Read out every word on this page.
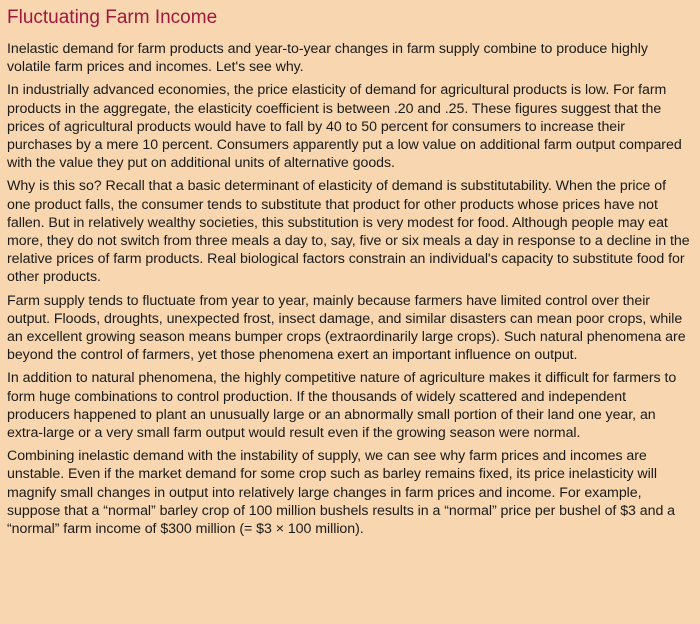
Fluctuating Farm Income

Inelastic demand for farm products and year-to-year changes in farm supply combine to produce highly volatile farm prices and incomes. Let's see why.

In industrially advanced economies, the price elasticity of demand for agricultural products is low. For farm products in the aggregate, the elasticity coefficient is between .20 and .25. These figures suggest that the prices of agricultural products would have to fall by 40 to 50 percent for consumers to increase their purchases by a mere 10 percent. Consumers apparently put a low value on additional farm output compared with the value they put on additional units of alternative goods.

Why is this so? Recall that a basic determinant of elasticity of demand is substitutability. When the price of one product falls, the consumer tends to substitute that product for other products whose prices have not fallen. But in relatively wealthy societies, this substitution is very modest for food. Although people may eat more, they do not switch from three meals a day to, say, five or six meals a day in response to a decline in the relative prices of farm products. Real biological factors constrain an individual's capacity to substitute food for other products.

Farm supply tends to fluctuate from year to year, mainly because farmers have limited control over their output. Floods, droughts, unexpected frost, insect damage, and similar disasters can mean poor crops, while an excellent growing season means bumper crops (extraordinarily large crops). Such natural phenomena are beyond the control of farmers, yet those phenomena exert an important influence on output.

In addition to natural phenomena, the highly competitive nature of agriculture makes it difficult for farmers to form huge combinations to control production. If the thousands of widely scattered and independent producers happened to plant an unusually large or an abnormally small portion of their land one year, an extra-large or a very small farm output would result even if the growing season were normal.

Combining inelastic demand with the instability of supply, we can see why farm prices and incomes are unstable. Even if the market demand for some crop such as barley remains fixed, its price inelasticity will magnify small changes in output into relatively large changes in farm prices and income. For example, suppose that a “normal” barley crop of 100 million bushels results in a “normal” price per bushel of $3 and a “normal” farm income of $300 million (= $3 × 100 million).
